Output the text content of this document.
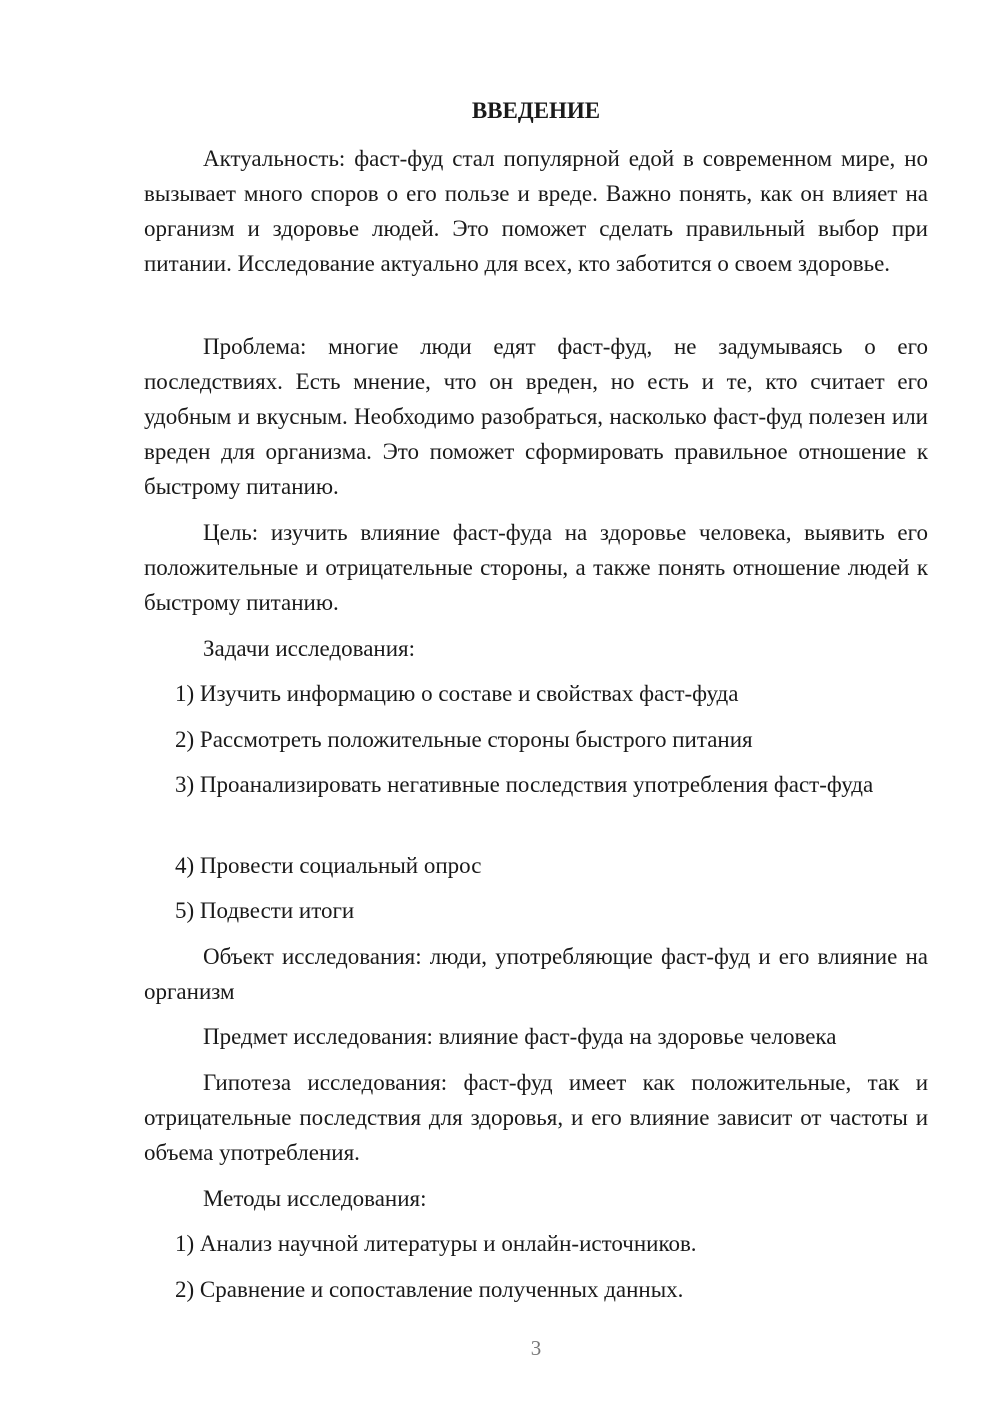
ВВЕДЕНИЕ
Актуальность: фаст-фуд стал популярной едой в современном мире, но вызывает много споров о его пользе и вреде. Важно понять, как он влияет на организм и здоровье людей. Это поможет сделать правильный выбор при питании. Исследование актуально для всех, кто заботится о своем здоровье.
Проблема: многие люди едят фаст-фуд, не задумываясь о его последствиях. Есть мнение, что он вреден, но есть и те, кто считает его удобным и вкусным. Необходимо разобраться, насколько фаст-фуд полезен или вреден для организма. Это поможет сформировать правильное отношение к быстрому питанию.
Цель: изучить влияние фаст-фуда на здоровье человека, выявить его положительные и отрицательные стороны, а также понять отношение людей к быстрому питанию.
Задачи исследования:
1) Изучить информацию о составе и свойствах фаст-фуда
2) Рассмотреть положительные стороны быстрого питания
3) Проанализировать негативные последствия употребления фаст-фуда
4) Провести социальный опрос
5) Подвести итоги
Объект исследования: люди, употребляющие фаст-фуд и его влияние на организм
Предмет исследования: влияние фаст-фуда на здоровье человека
Гипотеза исследования: фаст-фуд имеет как положительные, так и отрицательные последствия для здоровья, и его влияние зависит от частоты и объема употребления.
Методы исследования:
1) Анализ научной литературы и онлайн-источников.
2) Сравнение и сопоставление полученных данных.
3
